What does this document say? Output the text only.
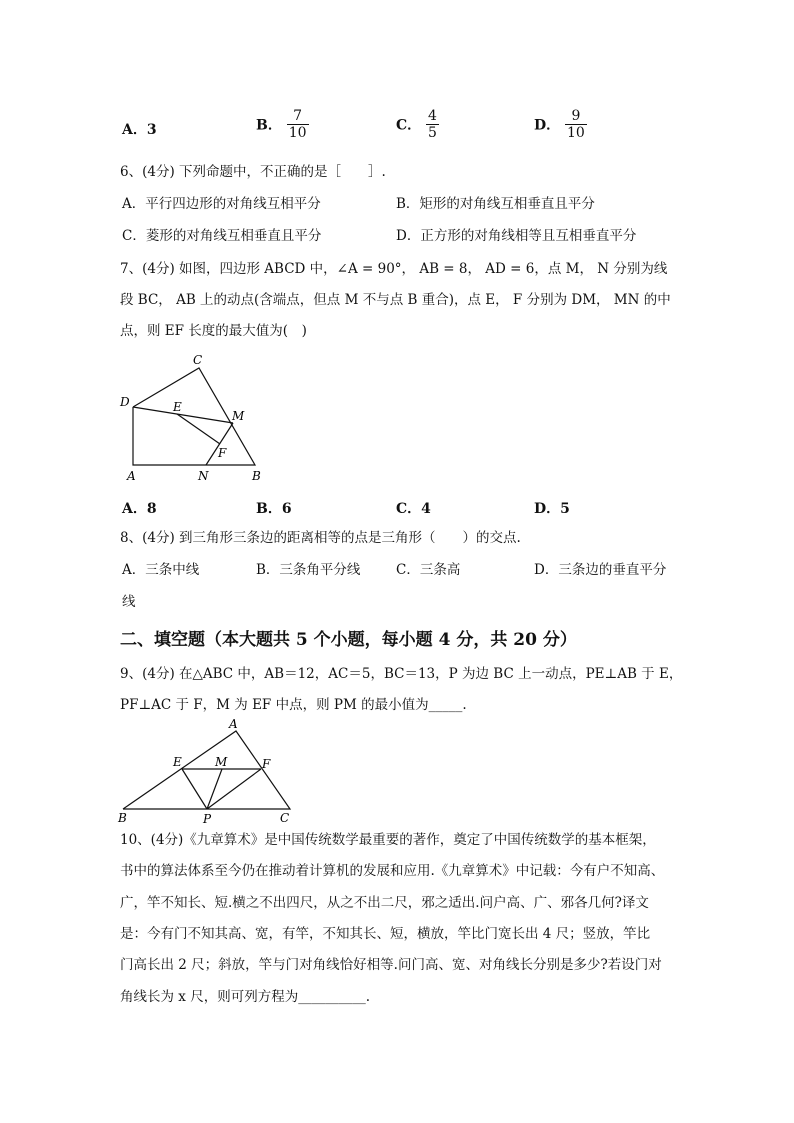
A．3	B． $\frac{7}{10}$	C． $\frac{4}{5}$	D． $\frac{9}{10}$
6、(4分) 下列命题中，不正确的是［　　］.
A．平行四边形的对角线互相平分	B．矩形的对角线互相垂直且平分
C．菱形的对角线互相垂直且平分	D．正方形的对角线相等且互相垂直平分
7、(4分) 如图，四边形 ABCD 中，∠A = 90°， AB = 8， AD = 6，点 M， N 分别为线
段 BC， AB 上的动点(含端点，但点 M 不与点 B 重合)，点 E， F 分别为 DM， MN 的中
点，则 EF 长度的最大值为(　)
C
D	E
M
F
A	N	B
A．8	B．6	C．4	D．5
8、(4分) 到三角形三条边的距离相等的点是三角形（　　）的交点.
A．三条中线	B．三条角平分线	C．三条高	D．三条边的垂直平分
线
二、填空题（本大题共 5 个小题，每小题 4 分，共 20 分）
9、(4分) 在△ABC 中，AB＝12，AC＝5，BC＝13，P 为边 BC 上一动点，PE⊥AB 于 E，
PF⊥AC 于 F，M 为 EF 中点，则 PM 的最小值为_____.
A
E	M	F
B	P	C
10、(4分)《九章算术》是中国传统数学最重要的著作，奠定了中国传统数学的基本框架，
书中的算法体系至今仍在推动着计算机的发展和应用.《九章算术》中记载：今有户不知高、
广，竿不知长、短.横之不出四尺，从之不出二尺，邪之适出.问户高、广、邪各几何?译文
是：今有门不知其高、宽，有竿，不知其长、短，横放，竿比门宽长出 4 尺；竖放，竿比
门高长出 2 尺；斜放，竿与门对角线恰好相等.问门高、宽、对角线长分别是多少?若设门对
角线长为 x 尺，则可列方程为__________.
